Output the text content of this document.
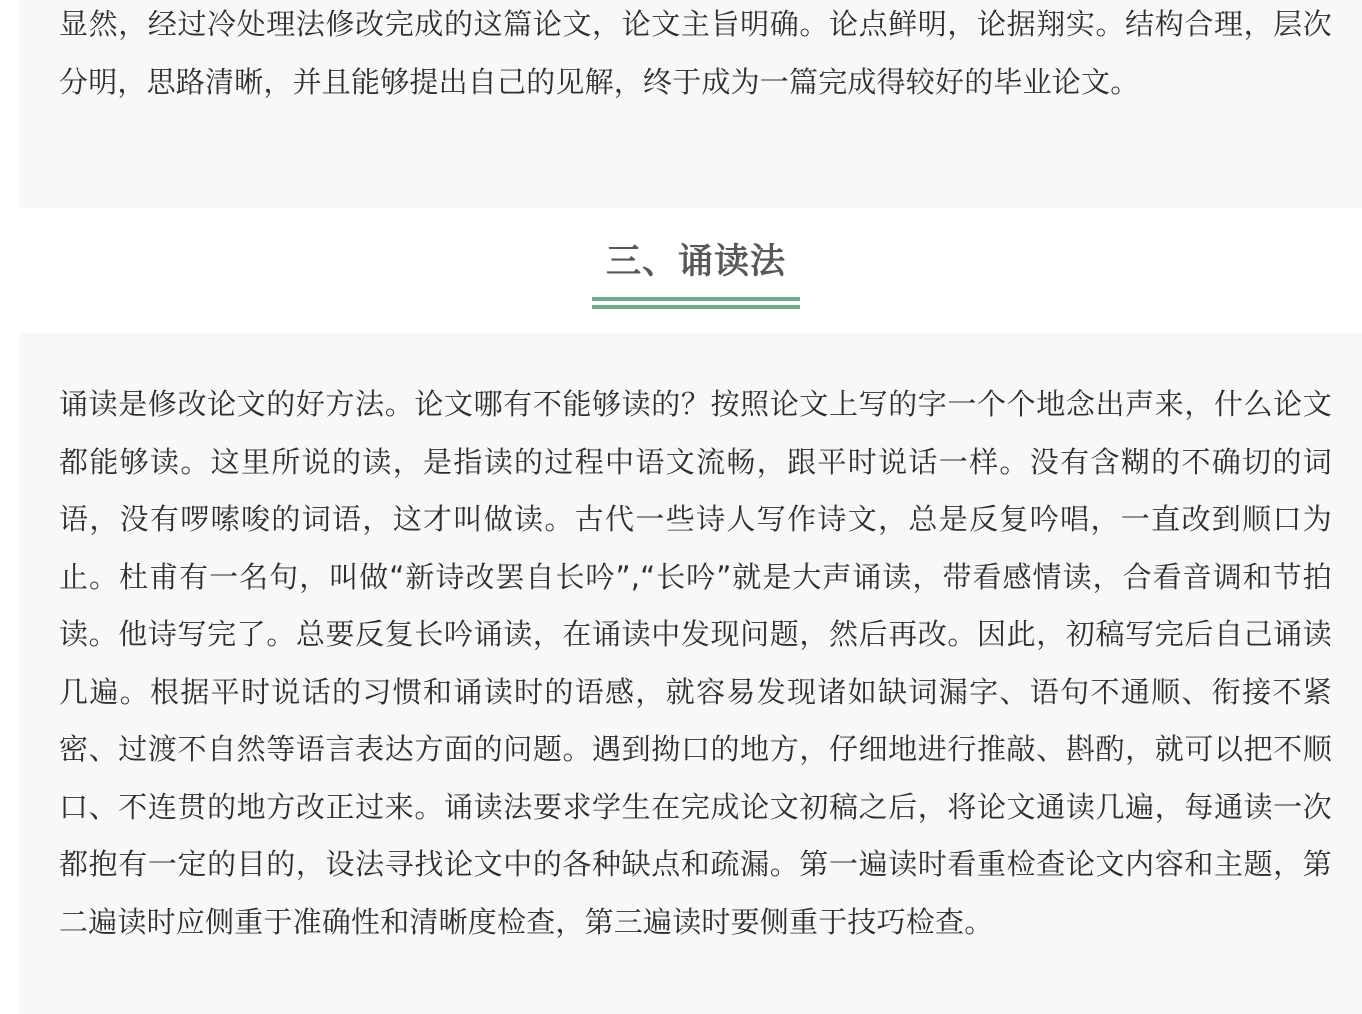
显然，经过冷处理法修改完成的这篇论文，论文主旨明确。论点鲜明，论据翔实。结构合理，层次分明，思路清晰，并且能够提出自己的见解，终于成为一篇完成得较好的毕业论文。

三、诵读法

诵读是修改论文的好方法。论文哪有不能够读的？按照论文上写的字一个个地念出声来，什么论文都能够读。这里所说的读，是指读的过程中语文流畅，跟平时说话一样。没有含糊的不确切的词语，没有啰嗦唆的词语，这才叫做读。古代一些诗人写作诗文，总是反复吟唱，一直改到顺口为止。杜甫有一名句，叫做“新诗改罢自长吟”,“长吟”就是大声诵读，带看感情读，合看音调和节拍读。他诗写完了。总要反复长吟诵读，在诵读中发现问题，然后再改。因此，初稿写完后自己诵读几遍。根据平时说话的习惯和诵读时的语感，就容易发现诸如缺词漏字、语句不通顺、衔接不紧密、过渡不自然等语言表达方面的问题。遇到拗口的地方，仔细地进行推敲、斟酌，就可以把不顺口、不连贯的地方改正过来。诵读法要求学生在完成论文初稿之后，将论文通读几遍，每通读一次都抱有一定的目的，设法寻找论文中的各种缺点和疏漏。第一遍读时看重检查论文内容和主题，第二遍读时应侧重于准确性和清晰度检查，第三遍读时要侧重于技巧检查。
